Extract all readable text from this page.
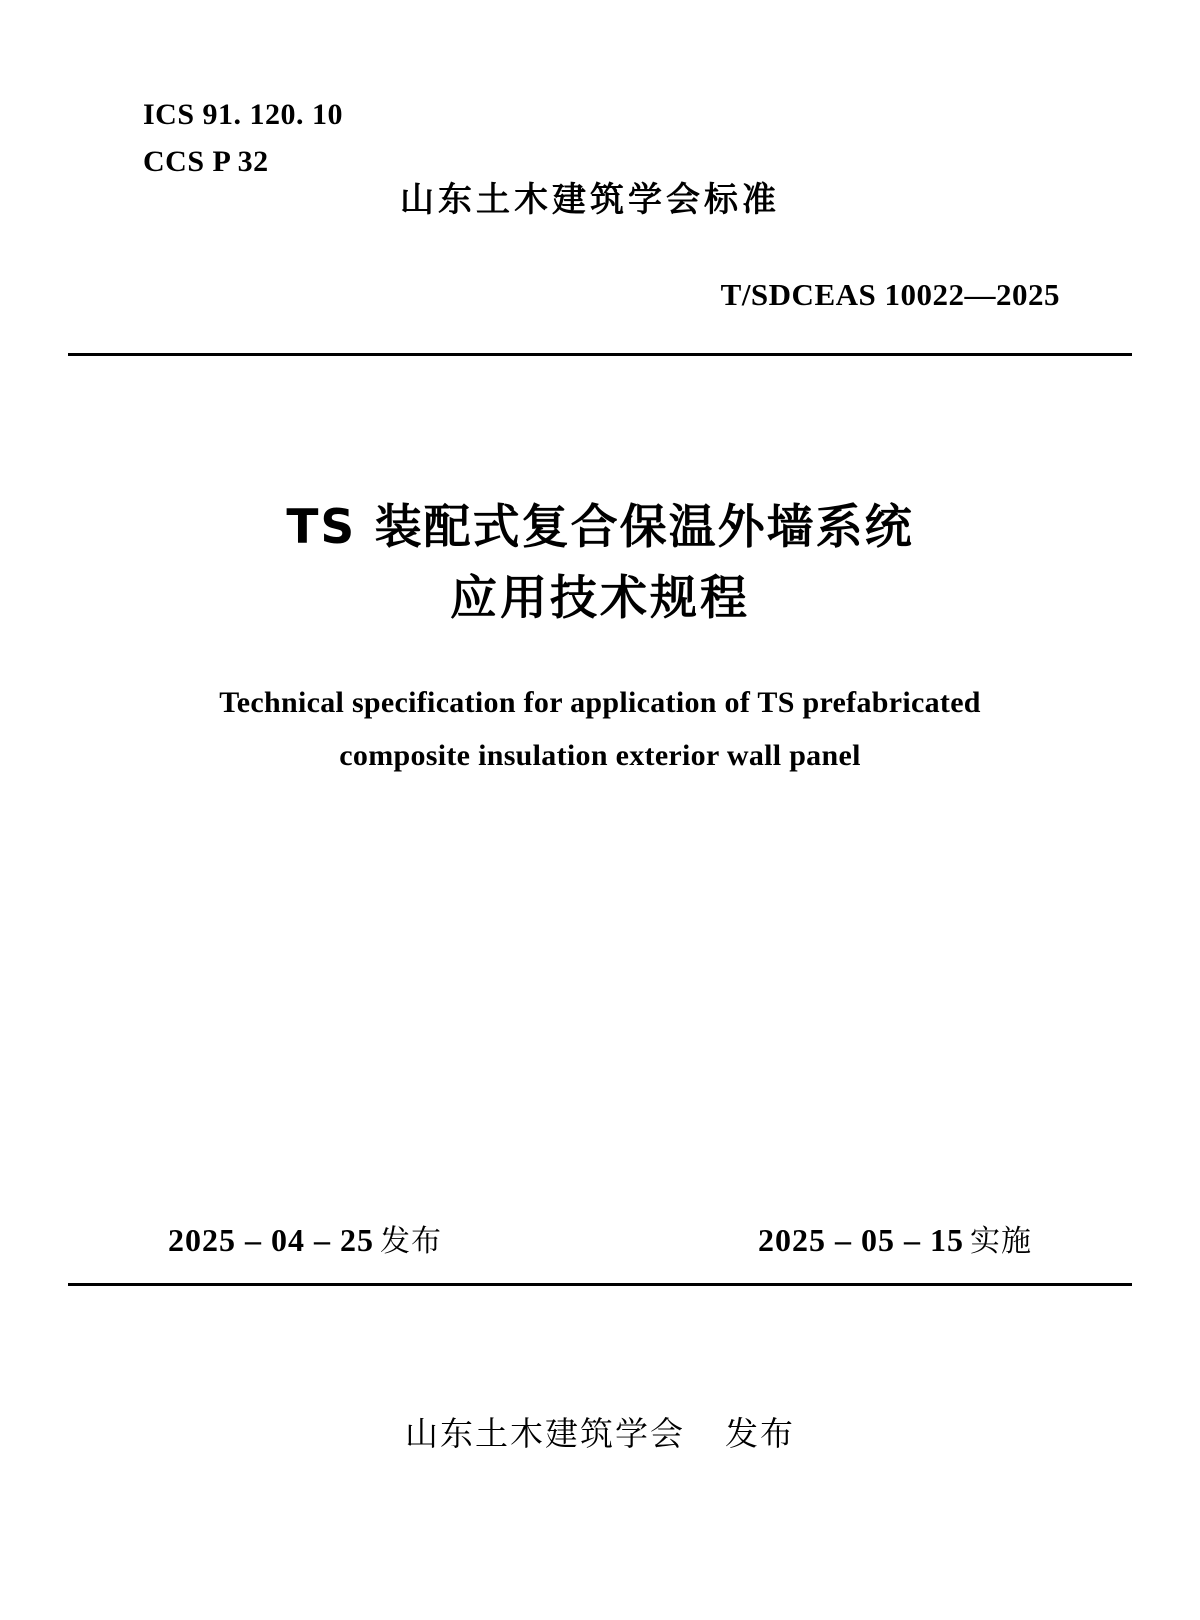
ICS 91. 120. 10
CCS P 32
山东土木建筑学会标准
T/SDCEAS 10022—2025
TS 装配式复合保温外墙系统
应用技术规程
Technical specification for application of TS prefabricated
composite insulation exterior wall panel
2025 – 04 – 25 发布	2025 – 05 – 15 实施
山东土木建筑学会 发布
